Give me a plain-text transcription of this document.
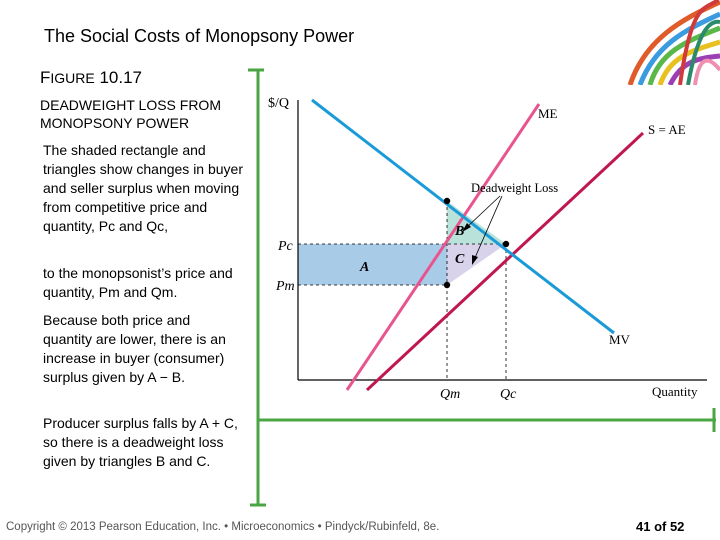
The Social Costs of Monopsony Power
FIGURE 10.17
DEADWEIGHT LOSS FROM MONOPSONY POWER
The shaded rectangle and triangles show changes in buyer and seller surplus when moving from competitive price and quantity, Pc and Qc,
to the monopsonist’s price and quantity, Pm and Qm.
Because both price and quantity are lower, there is an increase in buyer (consumer) surplus given by A − B.
Producer surplus falls by A + C, so there is a deadweight loss given by triangles B and C.
$/Q
Quantity
ME
S = AE
MV
Deadweight Loss
Pc
Pm
Qm	Qc
A
B
C
Copyright © 2013 Pearson Education, Inc. • Microeconomics • Pindyck/Rubinfeld, 8e.	41 of 52
